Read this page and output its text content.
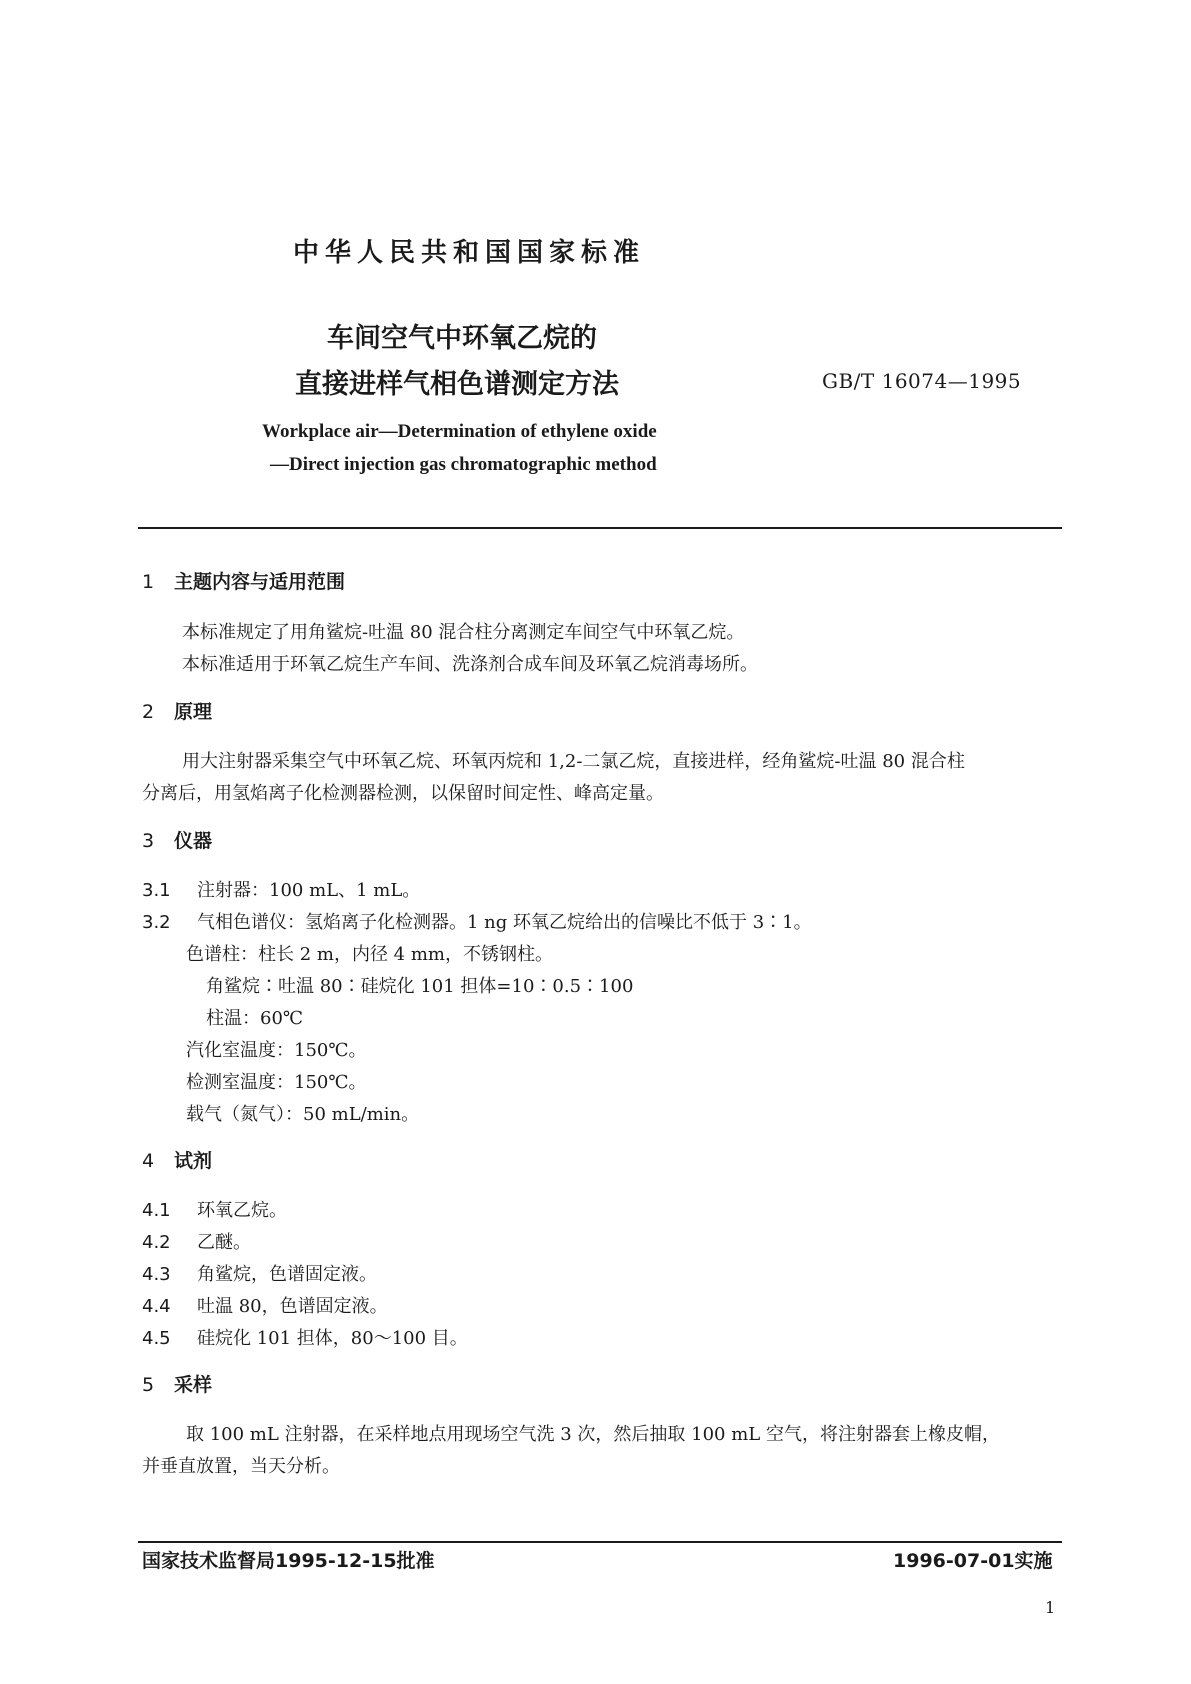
中华人民共和国国家标准
车间空气中环氧乙烷的
直接进样气相色谱测定方法	GB/T 16074—1995
Workplace air—Determination of ethylene oxide
—Direct injection gas chromatographic method
1 主题内容与适用范围
本标准规定了用角鲨烷-吐温 80 混合柱分离测定车间空气中环氧乙烷。
本标准适用于环氧乙烷生产车间、洗涤剂合成车间及环氧乙烷消毒场所。
2 原理
用大注射器采集空气中环氧乙烷、环氧丙烷和 1,2-二氯乙烷，直接进样，经角鲨烷-吐温 80 混合柱
分离后，用氢焰离子化检测器检测，以保留时间定性、峰高定量。
3 仪器
3.1 注射器：100 mL、1 mL。
3.2 气相色谱仪：氢焰离子化检测器。1 ng 环氧乙烷给出的信噪比不低于 3∶1。
色谱柱：柱长 2 m，内径 4 mm，不锈钢柱。
角鲨烷∶吐温 80∶硅烷化 101 担体=10∶0.5∶100
柱温：60℃
汽化室温度：150℃。
检测室温度：150℃。
载气（氮气）：50 mL/min。
4 试剂
4.1 环氧乙烷。
4.2 乙醚。
4.3 角鲨烷，色谱固定液。
4.4 吐温 80，色谱固定液。
4.5 硅烷化 101 担体，80～100 目。
5 采样
取 100 mL 注射器，在采样地点用现场空气洗 3 次，然后抽取 100 mL 空气，将注射器套上橡皮帽，
并垂直放置，当天分析。
国家技术监督局1995-12-15批准	1996-07-01实施
1
